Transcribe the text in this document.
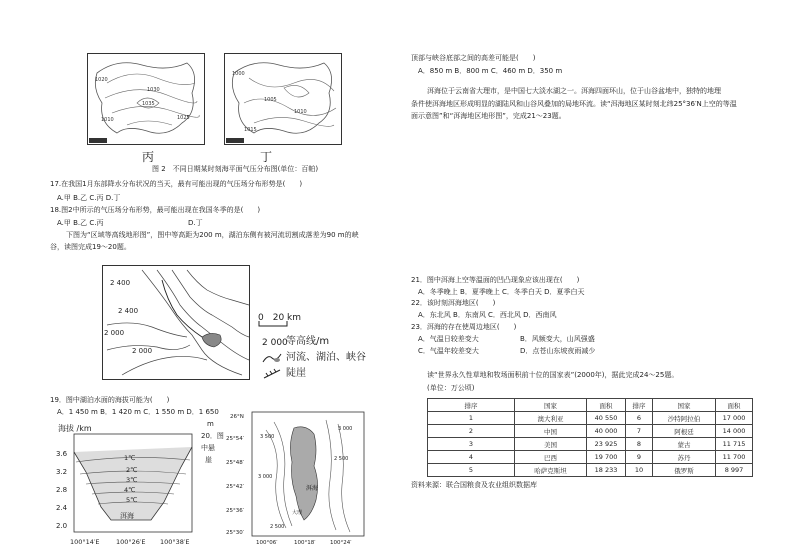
1020
1030
1035
1025
1010
1000
1005
1010
1015
丙	丁
图 2　不同日期某时刻海平面气压分布图(单位：百帕)
17.在我国1月东部降水分布状况的当天，最有可能出现的气压场分布形势是(　　)
A.甲 B.乙 C.丙 D.丁
18.图2中所示的气压场分布形势，最可能出现在我国冬季的是(　　)
A.甲 B.乙 C.丙	D.丁
下图为“区域等高线地形图”，图中等高距为200 m，湖泊东侧有被河流切割成落差为90 m的峡
谷，读图完成19～20题。
2 400
2 000
2 400
2 000
0　20 km
2 000
等高线/m
河流、湖泊、峡谷
陡崖
19．图中湖泊水面的海拔可能为(　　)
A．1 450 m B．1 420 m C．1 550 m D．1 650
m
20．图
中悬
崖
海拔 /km
3.6
3.2
2.8
2.4
2.0
1℃
2℃
3℃
4℃
5℃
洱海
100°14′E	100°26′E 100°38′E
26°N
25°54′
25°48′
25°42′
25°36′
25°30′
100°06′	100°18′	100°24′
洱海
大理
3 000
2 500
2 500
3 000
3 500
顶部与峡谷底部之间的高差可能是(　　)
A．850 m B．800 m C．460 m D．350 m
洱海位于云南省大理市，是中国七大淡水湖之一。洱海四面环山，位于山谷盆地中，独特的地理
条件使洱海地区形成明显的湖陆风和山谷风叠加的局地环流。读“洱海地区某时刻北纬25°36′N上空的等温
面示意图”和“洱海地区地形图”，完成21～23题。
21．图中洱海上空等温面的凹凸现象应该出现在(　　)
A．冬季晚上 B．夏季晚上 C．冬季白天 D．夏季白天
22．该时刻洱海地区(　　)
A．东北风 B．东南风 C．西北风 D．西南风
23．洱海的存在使周边地区(　　)
A．气温日较差变大	B．风频变大，山风强盛
C．气温年较差变大	D．点苍山东坡夜雨减少
读“世界永久性草地和牧场面积前十位的国家表”(2000年)，据此完成24～25题。
(单位：万公顷)
排序	国家	面积	排序	国家	面积
1	澳大利亚	40 550	6	沙特阿拉伯	17 000
2	中国	40 000	7	阿根廷	14 000
3	美国	23 925	8	蒙古	11 715
4	巴西	19 700	9	苏丹	11 700
5	哈萨克斯坦	18 233	10	俄罗斯	8 997
资料来源：联合国粮食及农业组织数据库
